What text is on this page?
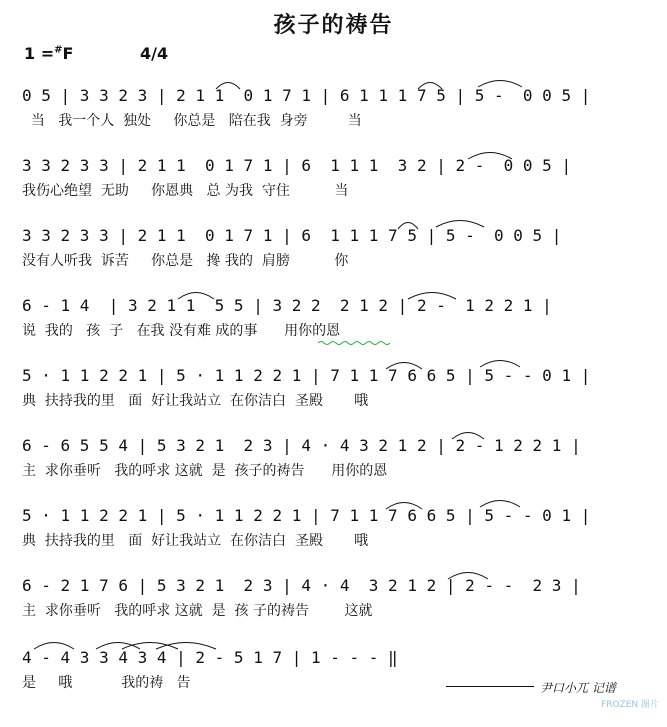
孩子的祷告
1 =#F	4/4
0 5 | 3 3 2 3 | 2 1 1  0 1 7 1 | 6 1 1 1 7 5 | 5 -  0 0 5 |
当   我一个人  独处     你总是   陪在我  身旁         当
3 3 2 3 3 | 2 1 1  0 1 7 1 | 6  1 1 1  3 2 | 2 -  0 0 5 |
我伤心绝望  无助     你恩典   总 为我  守住          当
3 3 2 3 3 | 2 1 1  0 1 7 1 | 6  1 1 1 7 5 | 5 -  0 0 5 |
没有人听我  诉苦     你总是   搀 我的  肩膀          你
6 - 1 4  | 3 2 1 1  5 5 | 3 2 2  2 1 2 | 2 -  1 2 2 1 |
说  我的   孩  子   在我 没有难 成的事      用你的恩
5 · 1 1 2 2 1 | 5 · 1 1 2 2 1 | 7 1 1 7 6 6 5 | 5 - - 0 1 |
典  扶持我的里   面  好让我站立  在你洁白  圣殿       哦
6 - 6 5 5 4 | 5 3 2 1  2 3 | 4 · 4 3 2 1 2 | 2 - 1 2 2 1 |
主  求你垂听   我的呼求 这就  是  孩子的祷告      用你的恩
5 · 1 1 2 2 1 | 5 · 1 1 2 2 1 | 7 1 1 7 6 6 5 | 5 - - 0 1 |
典  扶持我的里   面  好让我站立  在你洁白  圣殿       哦
6 - 2 1 7 6 | 5 3 2 1  2 3 | 4 · 4  3 2 1 2 | 2 - -  2 3 |
主  求你垂听   我的呼求 这就  是  孩 子的祷告        这就
4 - 4 3 3 4 3 4 | 2 - 5 1 7 | 1 - - - ‖
是     哦           我的祷   告	尹口小兀 记谱
FROZEN 图片
